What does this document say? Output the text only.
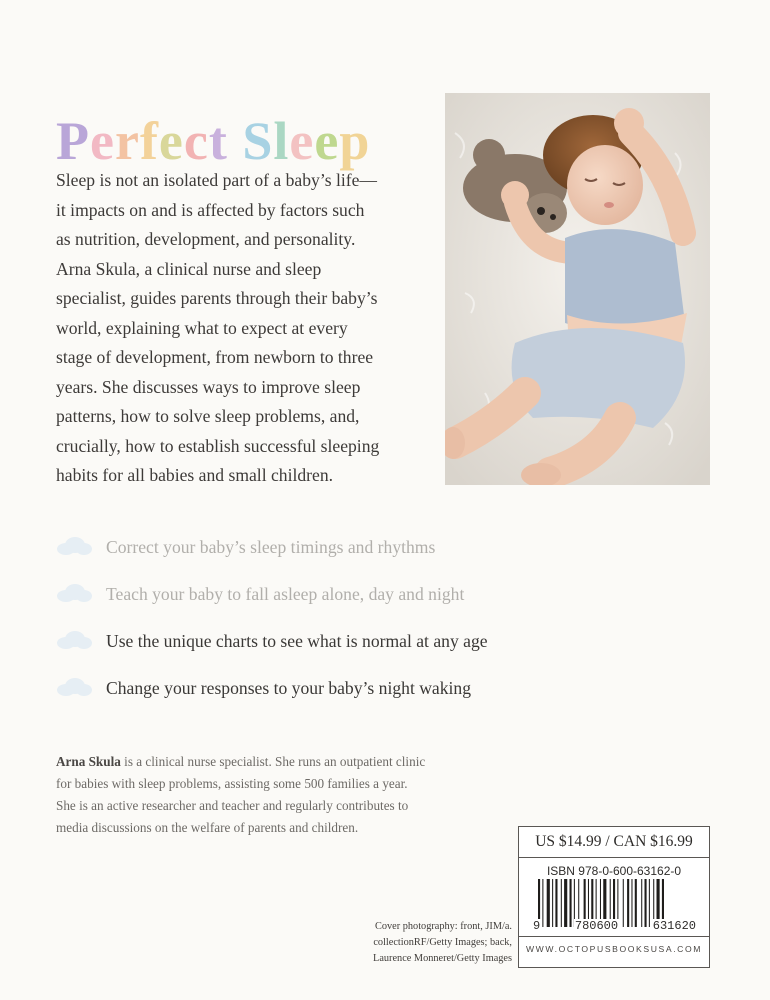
Perfect Sleep

Sleep is not an isolated part of a baby’s life—
it impacts on and is affected by factors such
as nutrition, development, and personality.
Arna Skula, a clinical nurse and sleep
specialist, guides parents through their baby’s
world, explaining what to expect at every
stage of development, from newborn to three
years. She discusses ways to improve sleep
patterns, how to solve sleep problems, and,
crucially, how to establish successful sleeping
habits for all babies and small children.

Correct your baby’s sleep timings and rhythms
Teach your baby to fall asleep alone, day and night
Use the unique charts to see what is normal at any age
Change your responses to your baby’s night waking

Arna Skula is a clinical nurse specialist. She runs an outpatient clinic
for babies with sleep problems, assisting some 500 families a year.
She is an active researcher and teacher and regularly contributes to
media discussions on the welfare of parents and children.

Cover photography: front, JIM/a.
collectionRF/Getty Images; back,
Laurence Monneret/Getty Images
US $14.99 / CAN $16.99
ISBN 978-0-600-63162-0
9	780600	631620
WWW.OCTOPUSBOOKSUSA.COM
